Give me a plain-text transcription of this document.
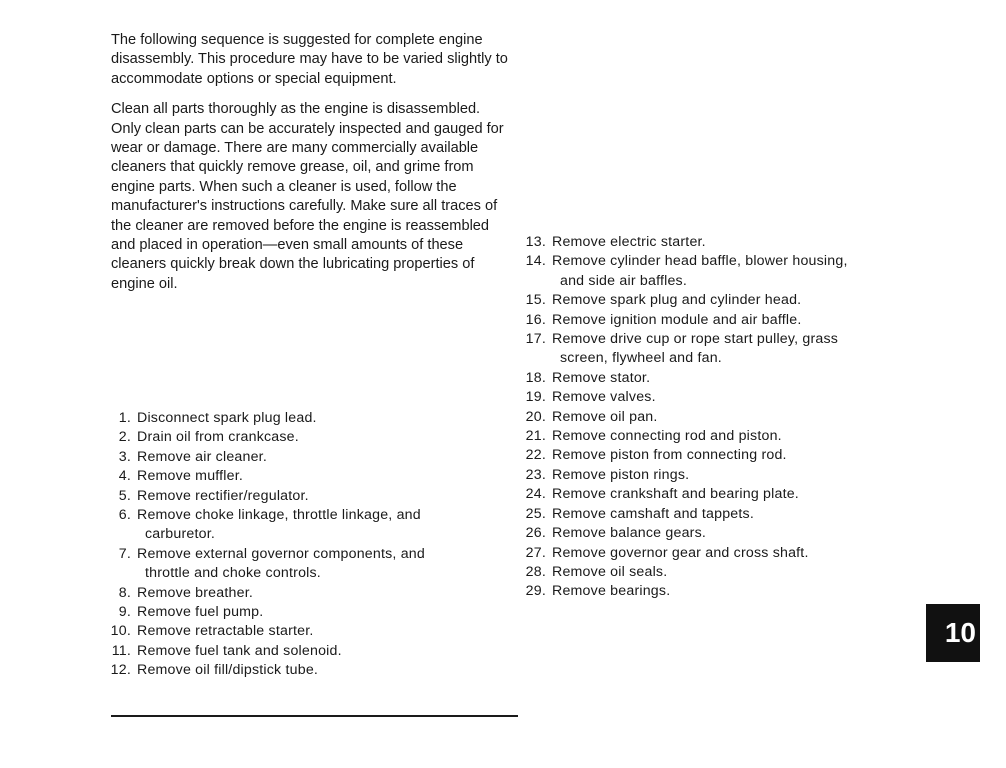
The following sequence is suggested for complete engine disassembly. This procedure may have to be varied slightly to accommodate options or special equipment.

Clean all parts thoroughly as the engine is disassembled. Only clean parts can be accurately inspected and gauged for wear or damage. There are many commercially available cleaners that quickly remove grease, oil, and grime from engine parts. When such a cleaner is used, follow the manufacturer's instructions carefully. Make sure all traces of the cleaner are removed before the engine is reassembled and placed in operation—even small amounts of these cleaners quickly break down the lubricating properties of engine oil.

1. Disconnect spark plug lead.
2. Drain oil from crankcase.
3. Remove air cleaner.
4. Remove muffler.
5. Remove rectifier/regulator.
6. Remove choke linkage, throttle linkage, and
carburetor.
7. Remove external governor components, and
throttle and choke controls.
8. Remove breather.
9. Remove fuel pump.
10. Remove retractable starter.
11. Remove fuel tank and solenoid.
12. Remove oil fill/dipstick tube.
13. Remove electric starter.
14. Remove cylinder head baffle, blower housing,
and side air baffles.
15. Remove spark plug and cylinder head.
16. Remove ignition module and air baffle.
17. Remove drive cup or rope start pulley, grass
screen, flywheel and fan.
18. Remove stator.
19. Remove valves.
20. Remove oil pan.
21. Remove connecting rod and piston.
22. Remove piston from connecting rod.
23. Remove piston rings.
24. Remove crankshaft and bearing plate.
25. Remove camshaft and tappets.
26. Remove balance gears.
27. Remove governor gear and cross shaft.
28. Remove oil seals.
29. Remove bearings.
10
